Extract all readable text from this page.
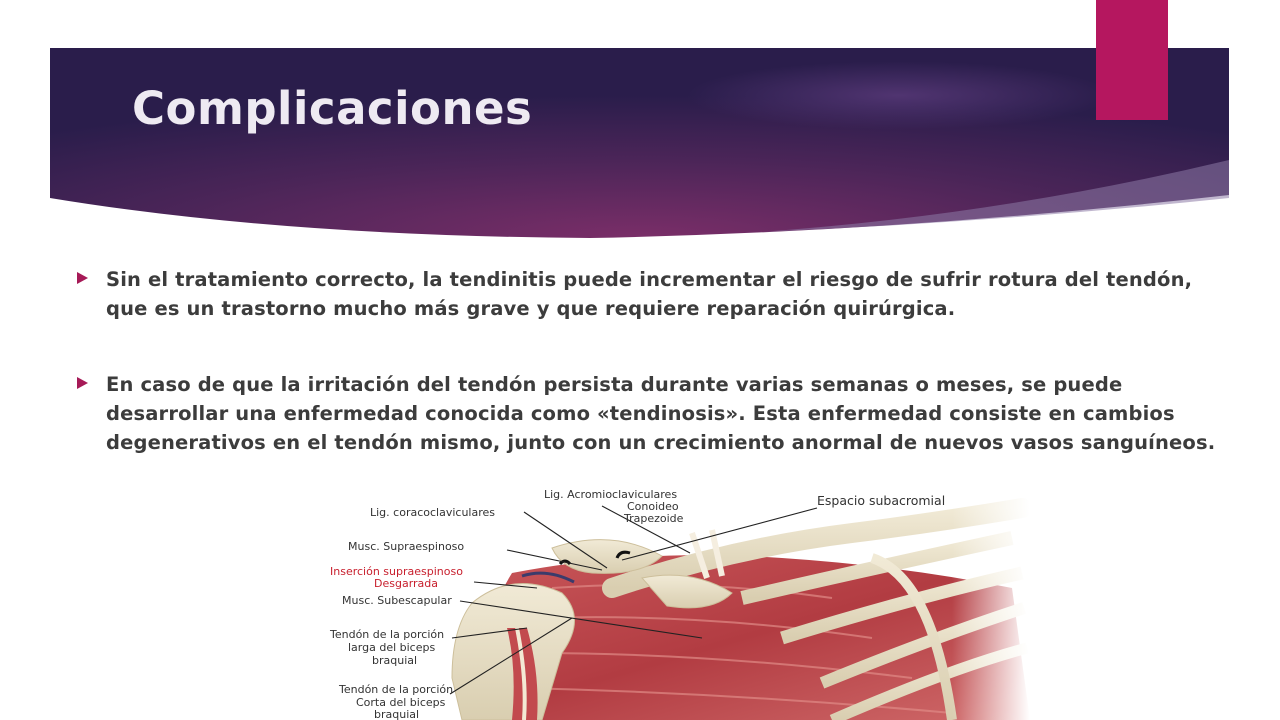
Complicaciones
Sin el tratamiento correcto, la tendinitis puede incrementar el riesgo de sufrir rotura del tendón, que es un trastorno mucho más grave y que requiere reparación quirúrgica.
En caso de que la irritación del tendón persista durante varias semanas o meses, se puede desarrollar una enfermedad conocida como «tendinosis». Esta enfermedad consiste en cambios degenerativos en el tendón mismo, junto con un crecimiento anormal de nuevos vasos sanguíneos.
Lig. Acromioclaviculares
Conoideo
Trapezoide
Espacio subacromial
Lig. coracoclaviculares
Musc. Supraespinoso
Inserción supraespinoso
Desgarrada
Musc. Subescapular
Tendón de la porción
larga del biceps
braquial
Tendón de la porción
Corta del biceps
braquial
